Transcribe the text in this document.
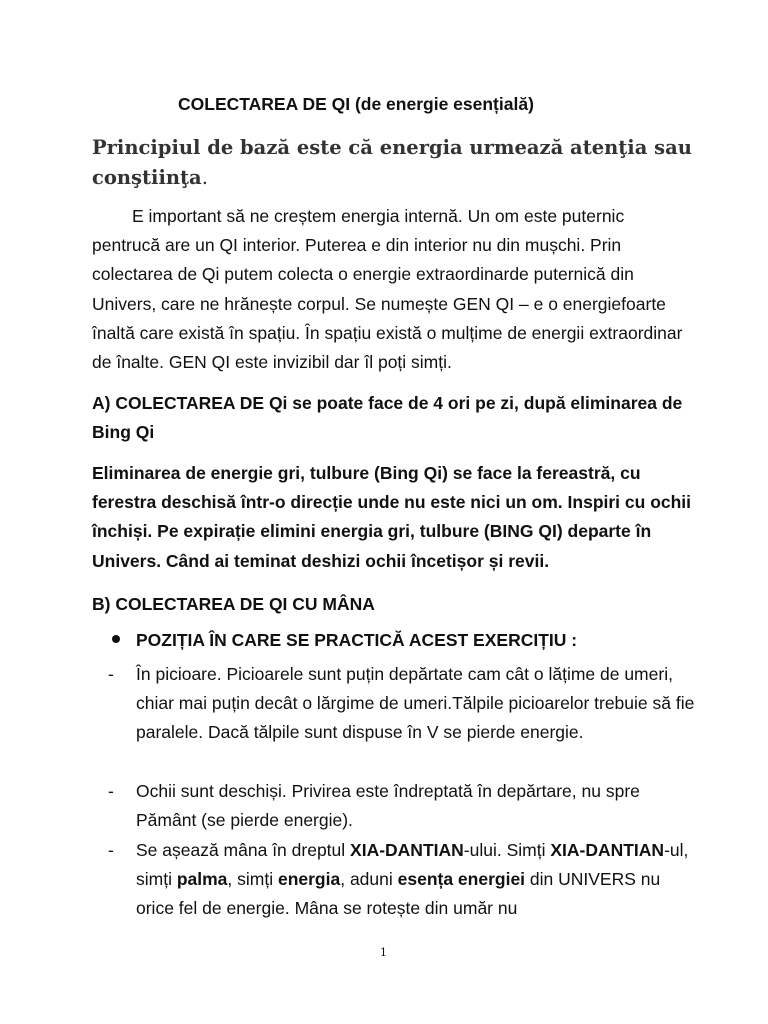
COLECTAREA DE QI (de energie esențială)
Principiul de bază este că energia urmează atenţia sau conştiinţa.
E important să ne creștem energia internă. Un om este puternic pentrucă are un QI interior. Puterea e din interior nu din mușchi. Prin colectarea de Qi putem colecta o energie extraordinarde puternică din Univers, care ne hrănește corpul. Se numește GEN QI – e o energiefoarte înaltă care există în spațiu. În spațiu există o mulțime de energii extraordinar de înalte. GEN QI este invizibil dar îl poți simți.
A) COLECTAREA DE Qi se poate face de 4 ori pe zi, după eliminarea de Bing Qi
Eliminarea de energie gri, tulbure (Bing Qi) se face la fereastră, cu ferestra deschisă într-o direcție unde nu este nici un om. Inspiri cu ochii închiși. Pe expirație elimini energia gri, tulbure (BING QI) departe în Univers. Când ai teminat deshizi ochii încetișor și revii.
B) COLECTAREA DE QI CU MÂNA
POZIȚIA ÎN CARE SE PRACTICĂ ACEST EXERCIȚIU :
- În picioare. Picioarele sunt puțin depărtate cam cât o lățime de umeri, chiar mai puțin decât o lărgime de umeri.Tălpile picioarelor trebuie să fie paralele. Dacă tălpile sunt dispuse în V se pierde energie.
- Ochii sunt deschiși. Privirea este îndreptată în depărtare, nu spre Pământ (se pierde energie).
- Se așează mâna în dreptul XIA-DANTIAN-ului. Simți XIA-DANTIAN-ul, simți palma, simți energia, aduni esența energiei din UNIVERS nu orice fel de energie. Mâna se rotește din umăr nu
1
